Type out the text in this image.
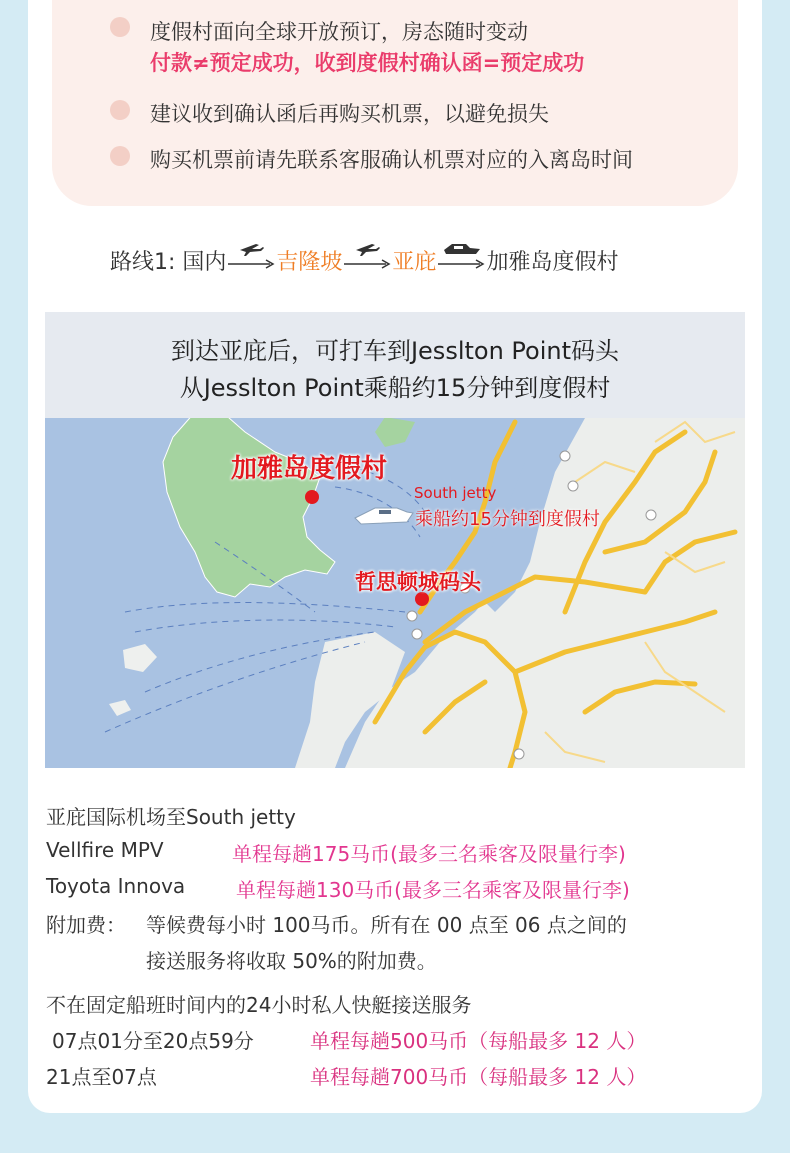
度假村面向全球开放预订，房态随时变动
付款≠预定成功，收到度假村确认函=预定成功
建议收到确认函后再购买机票，以避免损失
购买机票前请先联系客服确认机票对应的入离岛时间
路线1: 国内 吉隆坡 亚庇 加雅岛度假村
到达亚庇后，可打车到Jesslton Point码头
从Jesslton Point乘船约15分钟到度假村
加雅岛度假村
South jetty
乘船约15分钟到度假村
哲思顿城码头
亚庇国际机场至South jetty
Vellfire MPV	单程每趟175马币(最多三名乘客及限量行李)
Toyota Innova	单程每趟130马币(最多三名乘客及限量行李)
附加费： 等候费每小时 100马币。所有在 00 点至 06 点之间的
接送服务将收取 50%的附加费。
不在固定船班时间内的24小时私人快艇接送服务
07点01分至20点59分	单程每趟500马币（每船最多 12 人）
21点至07点	单程每趟700马币（每船最多 12 人）
